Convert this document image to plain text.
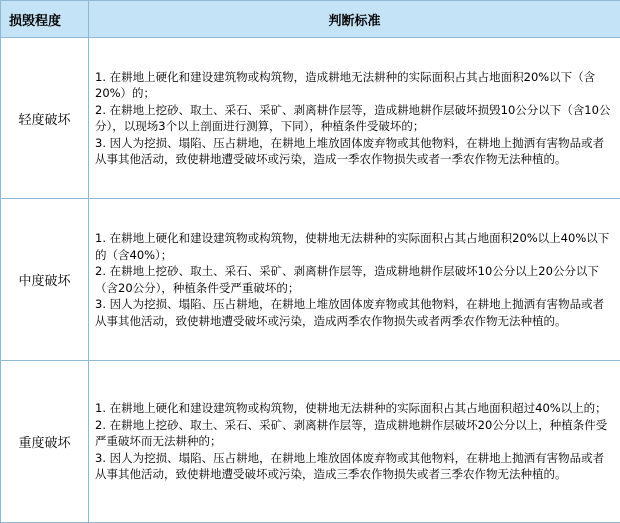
损毁程度	判断标准
轻度破坏	1. 在耕地上硬化和建设建筑物或构筑物，造成耕地无法耕种的实际面积占其占地面积20%以下（含20%）的；
2. 在耕地上挖砂、取土、采石、采矿、剥离耕作层等，造成耕地耕作层破坏损毁10公分以下（含10公分），以现场3个以上剖面进行测算，下同），种植条件受破坏的；
3. 因人为挖损、塌陷、压占耕地，在耕地上堆放固体废弃物或其他物料，在耕地上抛洒有害物品或者从事其他活动，致使耕地遭受破坏或污染，造成一季农作物损失或者一季农作物无法种植的。

中度破坏	1. 在耕地上硬化和建设建筑物或构筑物，使耕地无法耕种的实际面积占其占地面积20%以上40%以下的（含40%）；
2. 在耕地上挖砂、取土、采石、采矿、剥离耕作层等，造成耕地耕作层破坏10公分以上20公分以下（含20公分），种植条件受严重破坏的；
3. 因人为挖损、塌陷、压占耕地，在耕地上堆放固体废弃物或其他物料，在耕地上抛洒有害物品或者从事其他活动，致使耕地遭受破坏或污染，造成两季农作物损失或者两季农作物无法种植的。

重度破坏	1. 在耕地上硬化和建设建筑物或构筑物，使耕地无法耕种的实际面积占其占地面积超过40%以上的；
2. 在耕地上挖砂、取土、采石、采矿、剥离耕作层等，造成耕地耕作层破坏20公分以上，种植条件受严重破坏而无法耕种的；
3. 因人为挖损、塌陷、压占耕地，在耕地上堆放固体废弃物或其他物料，在耕地上抛洒有害物品或者从事其他活动，致使耕地遭受破坏或污染，造成三季农作物损失或者三季农作物无法种植的。
